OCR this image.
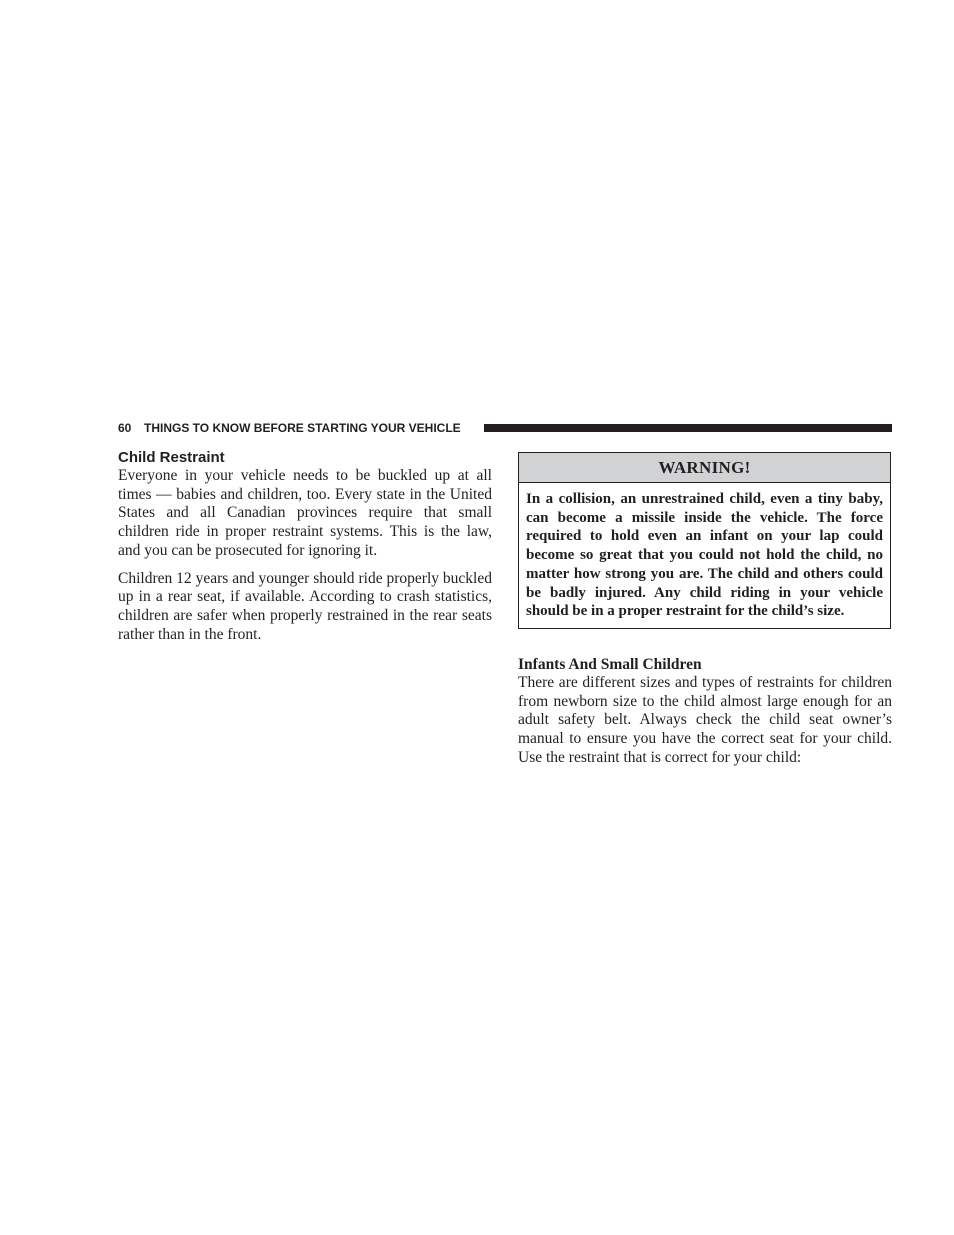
60 THINGS TO KNOW BEFORE STARTING YOUR VEHICLE
Child Restraint

Everyone in your vehicle needs to be buckled up at all times — babies and children, too. Every state in the United States and all Canadian provinces require that small children ride in proper restraint systems. This is the law, and you can be prosecuted for ignoring it.

Children 12 years and younger should ride properly buckled up in a rear seat, if available. According to crash statistics, children are safer when properly restrained in the rear seats rather than in the front.

WARNING!
In a collision, an unrestrained child, even a tiny baby, can become a missile inside the vehicle. The force required to hold even an infant on your lap could become so great that you could not hold the child, no matter how strong you are. The child and others could be badly injured. Any child riding in your vehicle should be in a proper restraint for the child’s size.
Infants And Small Children

There are different sizes and types of restraints for children from newborn size to the child almost large enough for an adult safety belt. Always check the child seat owner’s manual to ensure you have the correct seat for your child. Use the restraint that is correct for your child:
